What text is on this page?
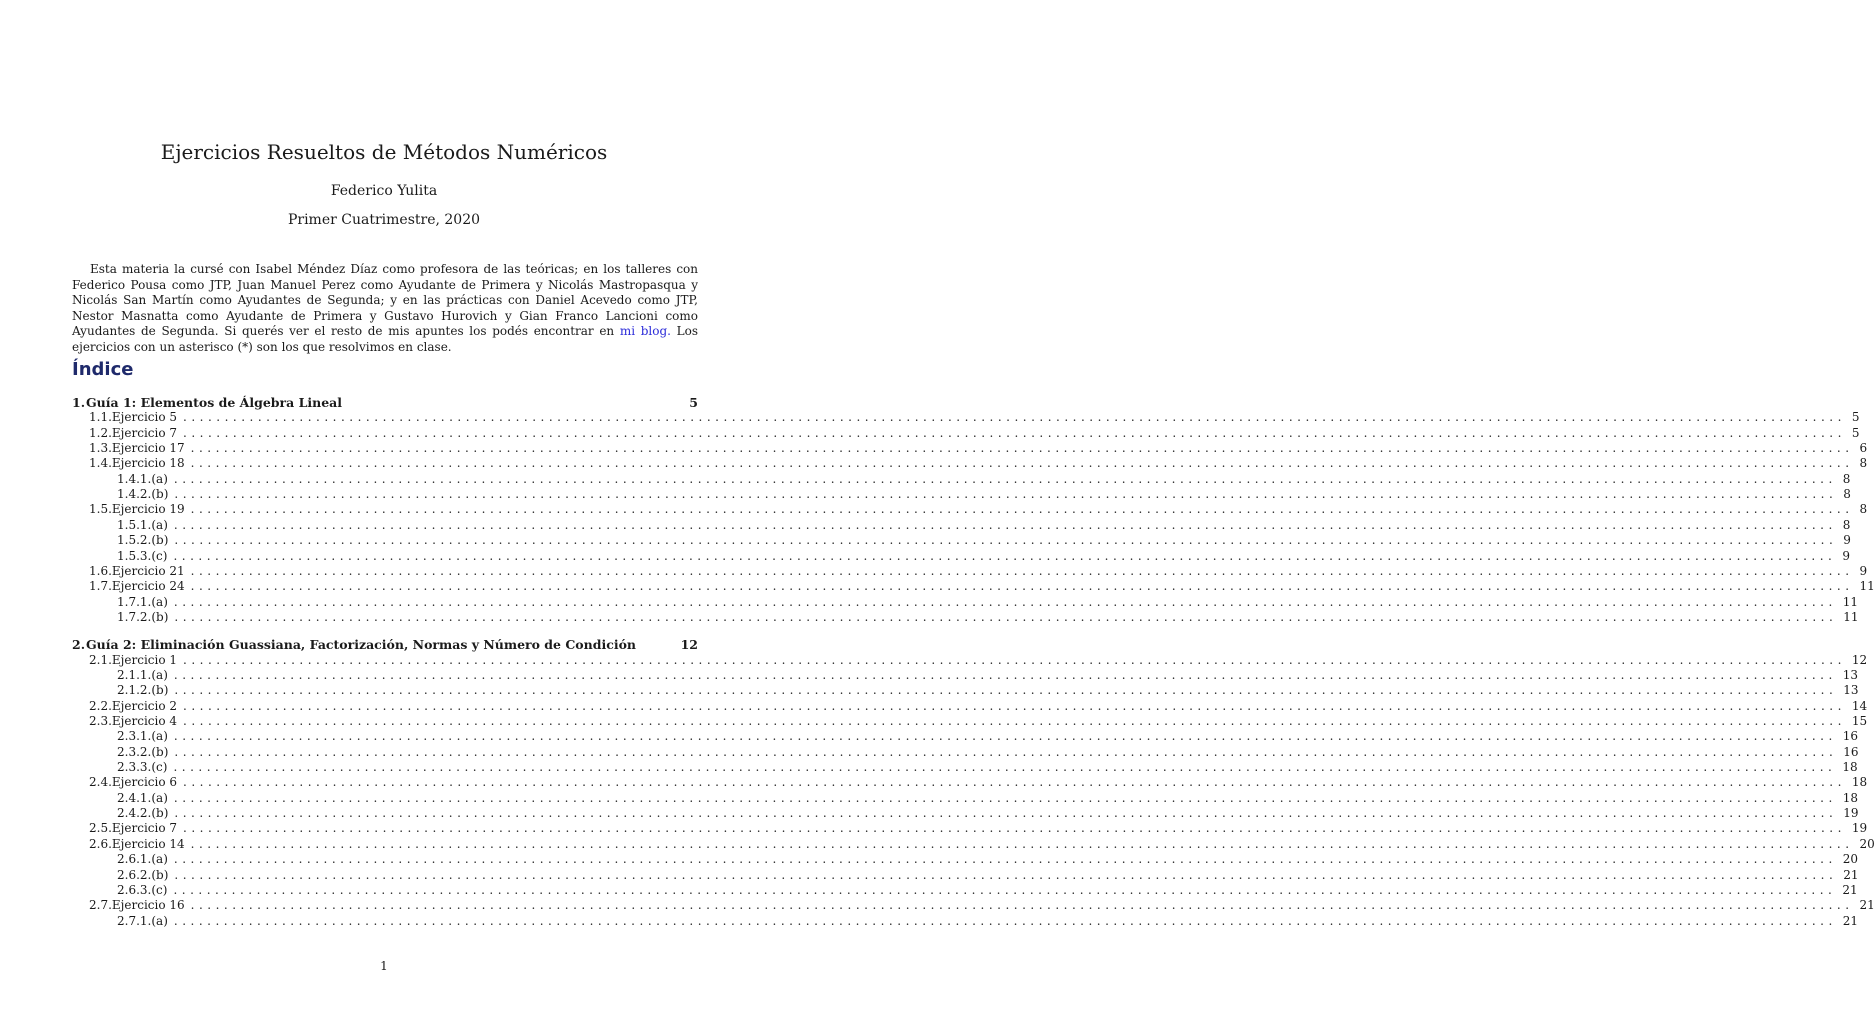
Ejercicios Resueltos de Métodos Numéricos
Federico Yulita
Primer Cuatrimestre, 2020
Esta materia la cursé con Isabel Méndez Díaz como profesora de las teóricas; en los talleres con Federico Pousa como JTP, Juan Manuel Perez como Ayudante de Primera y Nicolás Mastropasqua y Nicolás San Martín como Ayudantes de Segunda; y en las prácticas con Daniel Acevedo como JTP, Nestor Masnatta como Ayudante de Primera y Gustavo Hurovich y Gian Franco Lancioni como Ayudantes de Segunda. Si querés ver el resto de mis apuntes los podés encontrar en mi blog. Los ejercicios con un asterisco (*) son los que resolvimos en clase.
Índice
1. Guía 1: Elementos de Álgebra Lineal	5
1.1. Ejercicio 5 ........................................................................................................................................................................................................ 5
1.2. Ejercicio 7 ........................................................................................................................................................................................................ 5
1.3. Ejercicio 17 ........................................................................................................................................................................................................ 6
1.4. Ejercicio 18 ........................................................................................................................................................................................................ 8
1.4.1. (a) ........................................................................................................................................................................................................ 8
1.4.2. (b) ........................................................................................................................................................................................................ 8
1.5. Ejercicio 19 ........................................................................................................................................................................................................ 8
1.5.1. (a) ........................................................................................................................................................................................................ 8
1.5.2. (b) ........................................................................................................................................................................................................ 9
1.5.3. (c) ........................................................................................................................................................................................................ 9
1.6. Ejercicio 21 ........................................................................................................................................................................................................ 9
1.7. Ejercicio 24 ........................................................................................................................................................................................................ 11
1.7.1. (a) ........................................................................................................................................................................................................ 11
1.7.2. (b) ........................................................................................................................................................................................................ 11
2. Guía 2: Eliminación Guassiana, Factorización, Normas y Número de Condición	12
2.1. Ejercicio 1 ........................................................................................................................................................................................................ 12
2.1.1. (a) ........................................................................................................................................................................................................ 13
2.1.2. (b) ........................................................................................................................................................................................................ 13
2.2. Ejercicio 2 ........................................................................................................................................................................................................ 14
2.3. Ejercicio 4 ........................................................................................................................................................................................................ 15
2.3.1. (a) ........................................................................................................................................................................................................ 16
2.3.2. (b) ........................................................................................................................................................................................................ 16
2.3.3. (c) ........................................................................................................................................................................................................ 18
2.4. Ejercicio 6 ........................................................................................................................................................................................................ 18
2.4.1. (a) ........................................................................................................................................................................................................ 18
2.4.2. (b) ........................................................................................................................................................................................................ 19
2.5. Ejercicio 7 ........................................................................................................................................................................................................ 19
2.6. Ejercicio 14 ........................................................................................................................................................................................................ 20
2.6.1. (a) ........................................................................................................................................................................................................ 20
2.6.2. (b) ........................................................................................................................................................................................................ 21
2.6.3. (c) ........................................................................................................................................................................................................ 21
2.7. Ejercicio 16 ........................................................................................................................................................................................................ 21
2.7.1. (a) ........................................................................................................................................................................................................ 21
1
